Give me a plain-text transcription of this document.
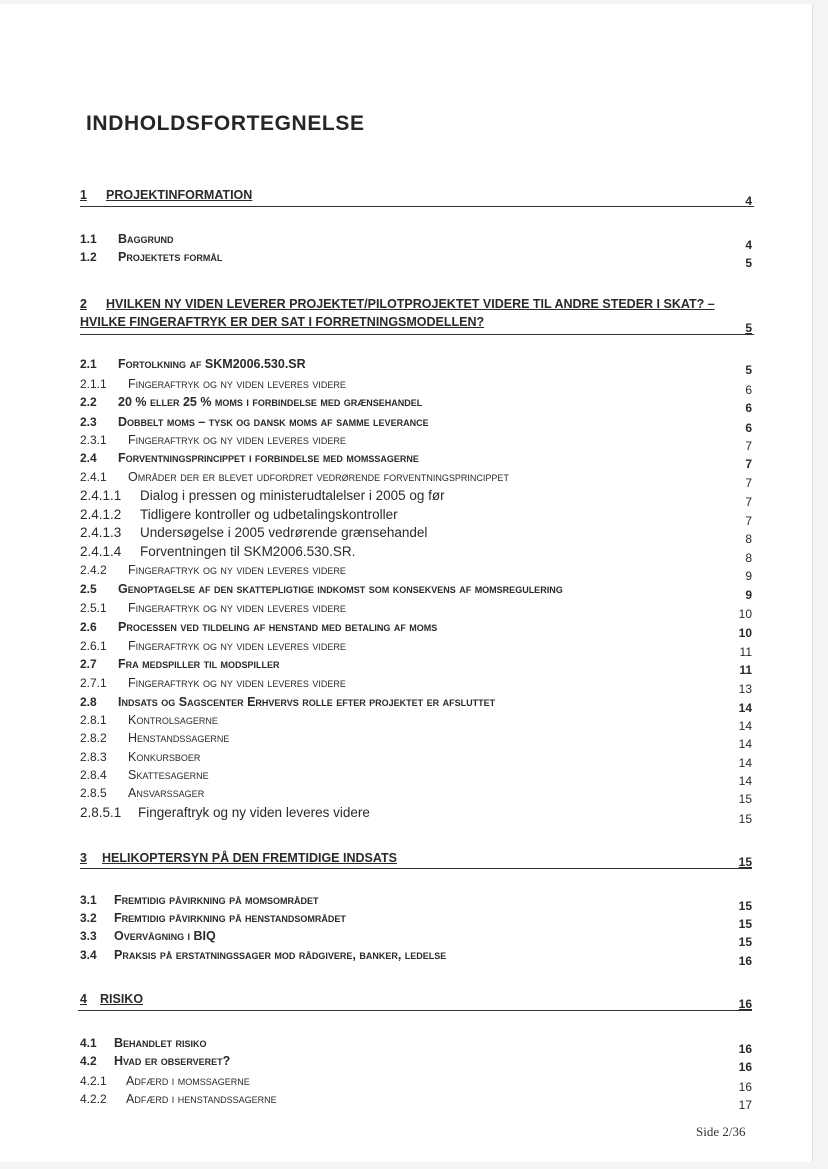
INDHOLDSFORTEGNELSE
1 PROJEKTINFORMATION	4
1.1 Baggrund	4
1.2 Projektets formål	5
2 HVILKEN NY VIDEN LEVERER PROJEKTET/PILOTPROJEKTET VIDERE TIL ANDRE STEDER I SKAT? –
HVILKE FINGERAFTRYK ER DER SAT I FORRETNINGSMODELLEN?	5
2.1 Fortolkning af SKM2006.530.SR	5
2.1.1 Fingeraftryk og ny viden leveres videre	6
2.2 20 % eller 25 % moms i forbindelse med grænsehandel	6
2.3 Dobbelt moms – tysk og dansk moms af samme leverance	6
2.3.1 Fingeraftryk og ny viden leveres videre	7
2.4 Forventningsprincippet i forbindelse med momssagerne	7
2.4.1 Områder der er blevet udfordret vedrørende forventningsprincippet	7
2.4.1.1 Dialog i pressen og ministerudtalelser i 2005 og før	7
2.4.1.2 Tidligere kontroller og udbetalingskontroller	7
2.4.1.3 Undersøgelse i 2005 vedrørende grænsehandel	8
2.4.1.4 Forventningen til SKM2006.530.SR.	8
2.4.2 Fingeraftryk og ny viden leveres videre	9
2.5 Genoptagelse af den skattepligtige indkomst som konsekvens af momsregulering	9
2.5.1 Fingeraftryk og ny viden leveres videre	10
2.6 Processen ved tildeling af henstand med betaling af moms	10
2.6.1 Fingeraftryk og ny viden leveres videre	11
2.7 Fra medspiller til modspiller	11
2.7.1 Fingeraftryk og ny viden leveres videre	13
2.8 Indsats og Sagscenter Erhvervs rolle efter projektet er afsluttet	14
2.8.1 Kontrolsagerne	14
2.8.2 Henstandssagerne	14
2.8.3 Konkursboer	14
2.8.4 Skattesagerne	14
2.8.5 Ansvarssager	15
2.8.5.1 Fingeraftryk og ny viden leveres videre	15
3 HELIKOPTERSYN PÅ DEN FREMTIDIGE INDSATS	15
3.1 Fremtidig påvirkning på momsområdet	15
3.2 Fremtidig påvirkning på henstandsområdet	15
3.3 Overvågning i BIQ	15
3.4 Praksis på erstatningssager mod rådgivere, banker, ledelse	16
4 RISIKO	16
4.1 Behandlet risiko	16
4.2 Hvad er observeret?	16
4.2.1 Adfærd i momssagerne	16
4.2.2 Adfærd i henstandssagerne	17
Side 2/36
